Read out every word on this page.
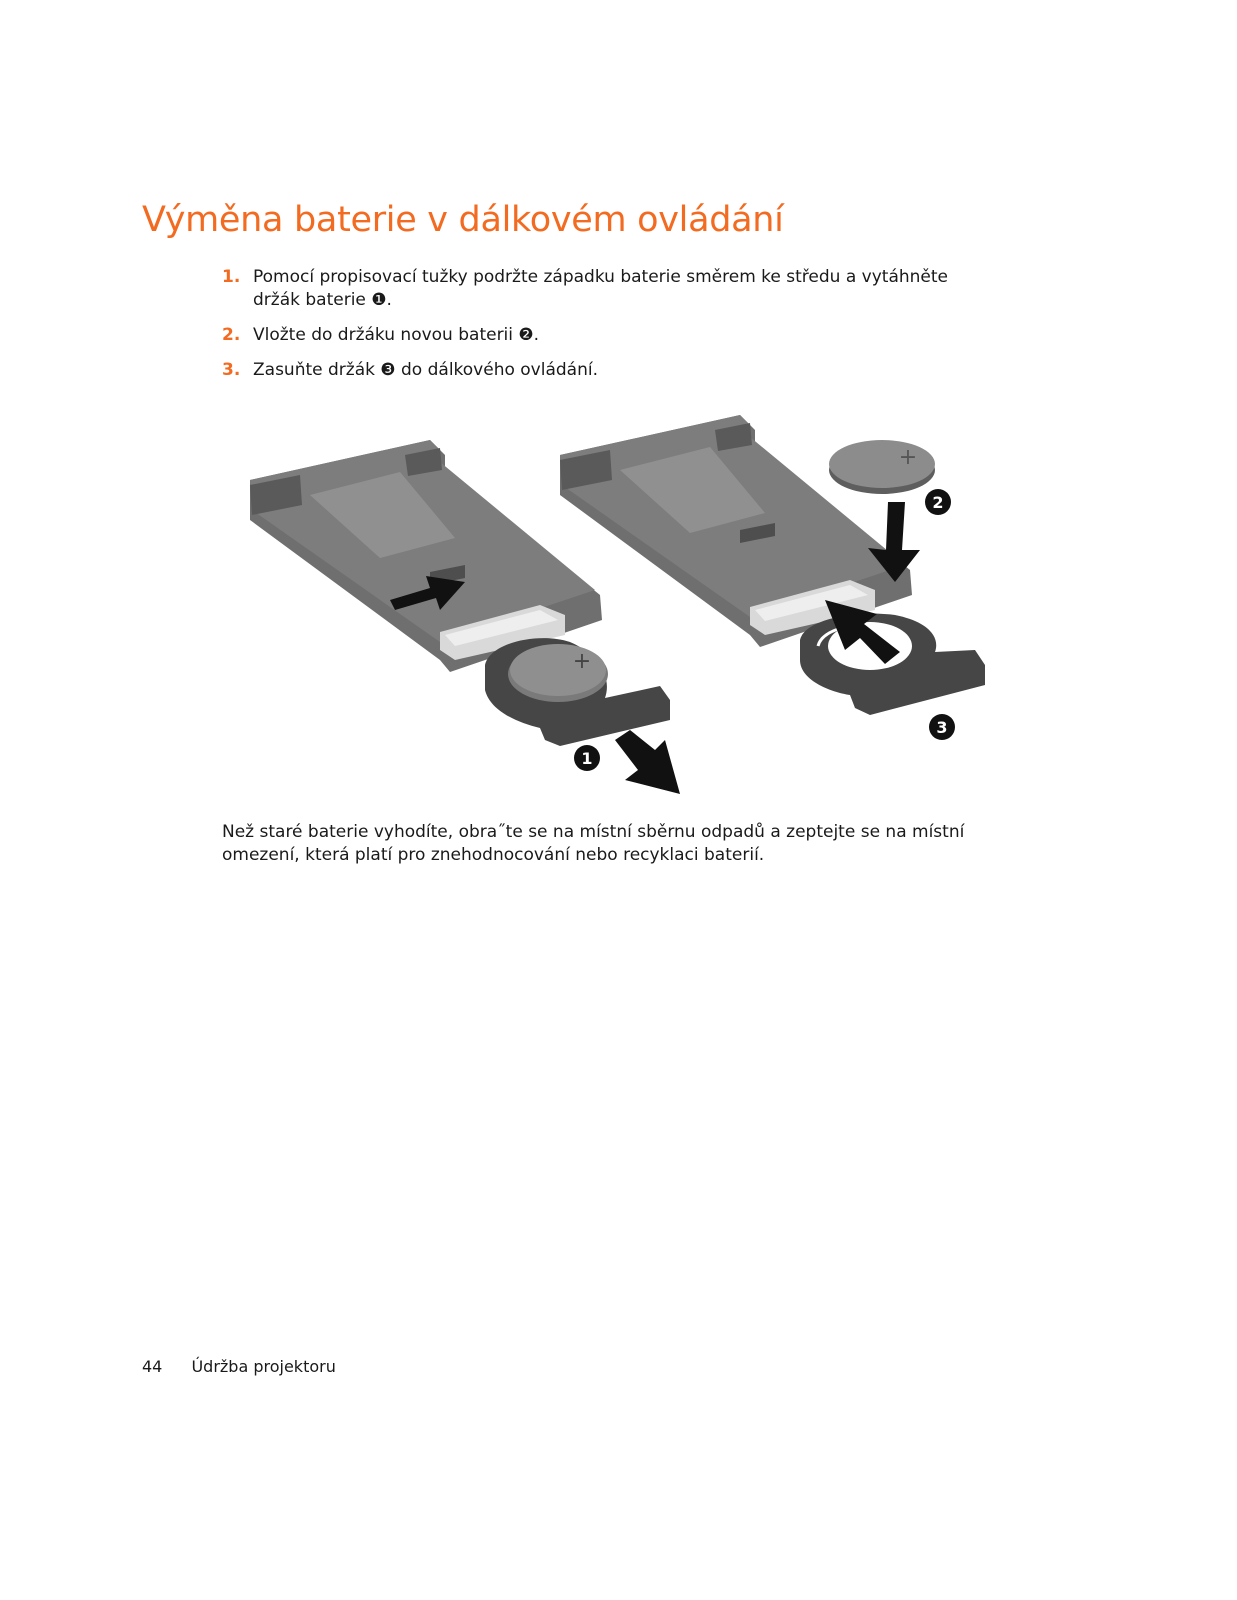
Výměna baterie v dálkovém ovládání
1. Pomocí propisovací tužky podržte západku baterie směrem ke středu a vytáhněte držák baterie ❶.
2. Vložte do držáku novou baterii ❷.
3. Zasuňte držák ❸ do dálkového ovládání.
+
1
+
2
3

Než staré baterie vyhodíte, obra˝te se na místní sběrnu odpadů a zeptejte se na místní omezení, která platí pro znehodnocování nebo recyklaci baterií.

44 Údržba projektoru
